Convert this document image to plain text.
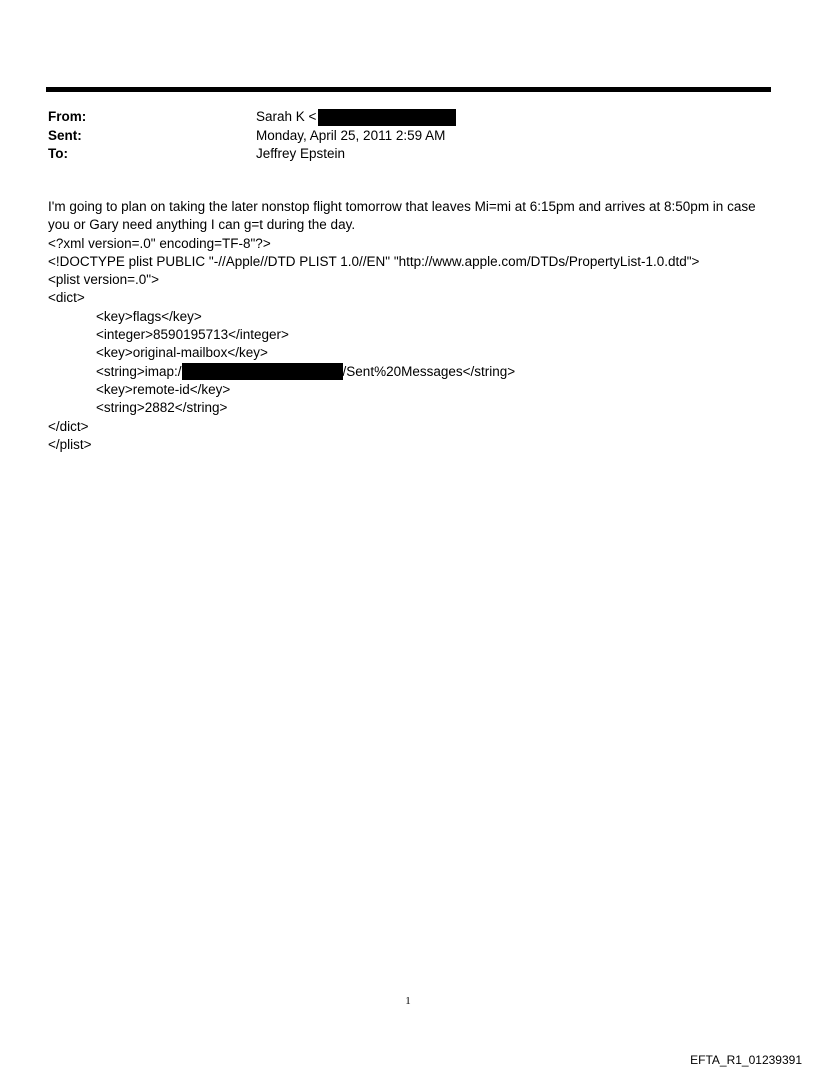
From:	Sarah K <
Sent:	Monday, April 25, 2011 2:59 AM
To:	Jeffrey Epstein
I'm going to plan on taking the later nonstop flight tomorrow that leaves Mi=mi at 6:15pm and arrives at 8:50pm in case you or Gary need anything I can g=t during the day.
<?xml version=.0" encoding=TF-8"?>
<!DOCTYPE plist PUBLIC "-//Apple//DTD PLIST 1.0//EN" "http://www.apple.com/DTDs/PropertyList-1.0.dtd">
<plist version=.0">
<dict>
<key>flags</key>
<integer>8590195713</integer>
<key>original-mailbox</key>
<string>imap:/	/Sent%20Messages</string>
<key>remote-id</key>
<string>2882</string>
</dict>
</plist>
1
EFTA_R1_01239391
